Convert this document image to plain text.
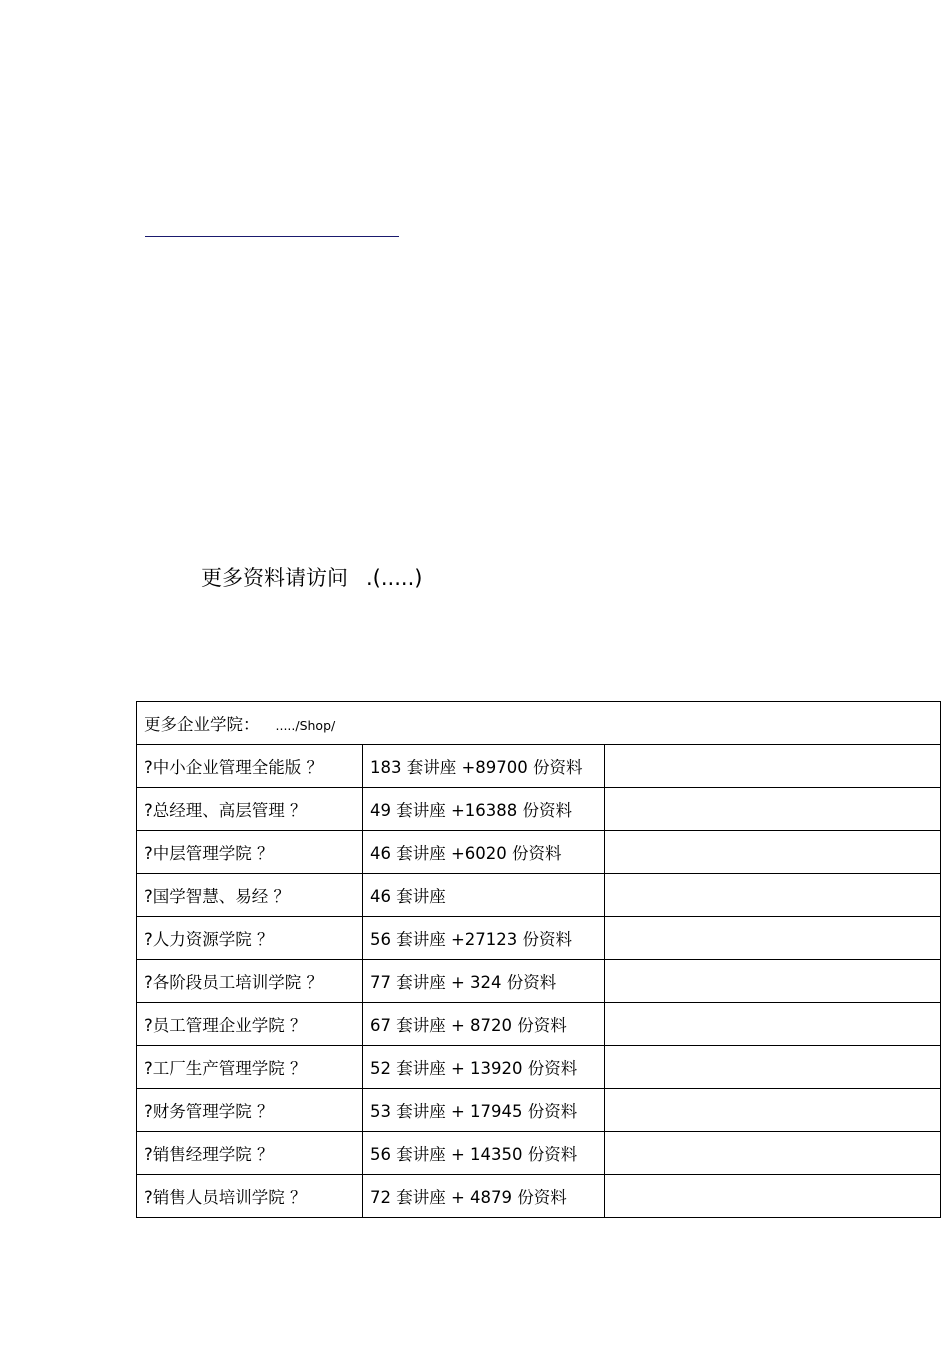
更多资料请访问 .(.....)
更多企业学院： ...../Shop/		
?中小企业管理全能版 ？	183 套讲座 +89700 份资料	
?总经理、高层管理 ？	49 套讲座 +16388 份资料	
?中层管理学院 ？	46 套讲座 +6020 份资料	
?国学智慧、易经 ？	46 套讲座	
?人力资源学院 ？	56 套讲座 +27123 份资料	
?各阶段员工培训学院 ？	77 套讲座 + 324 份资料	
?员工管理企业学院 ？	67 套讲座 + 8720 份资料	
?工厂生产管理学院 ？	52 套讲座 + 13920 份资料	
?财务管理学院 ？	53 套讲座 + 17945 份资料	
?销售经理学院 ？	56 套讲座 + 14350 份资料	
?销售人员培训学院 ？	72 套讲座 + 4879 份资料	
